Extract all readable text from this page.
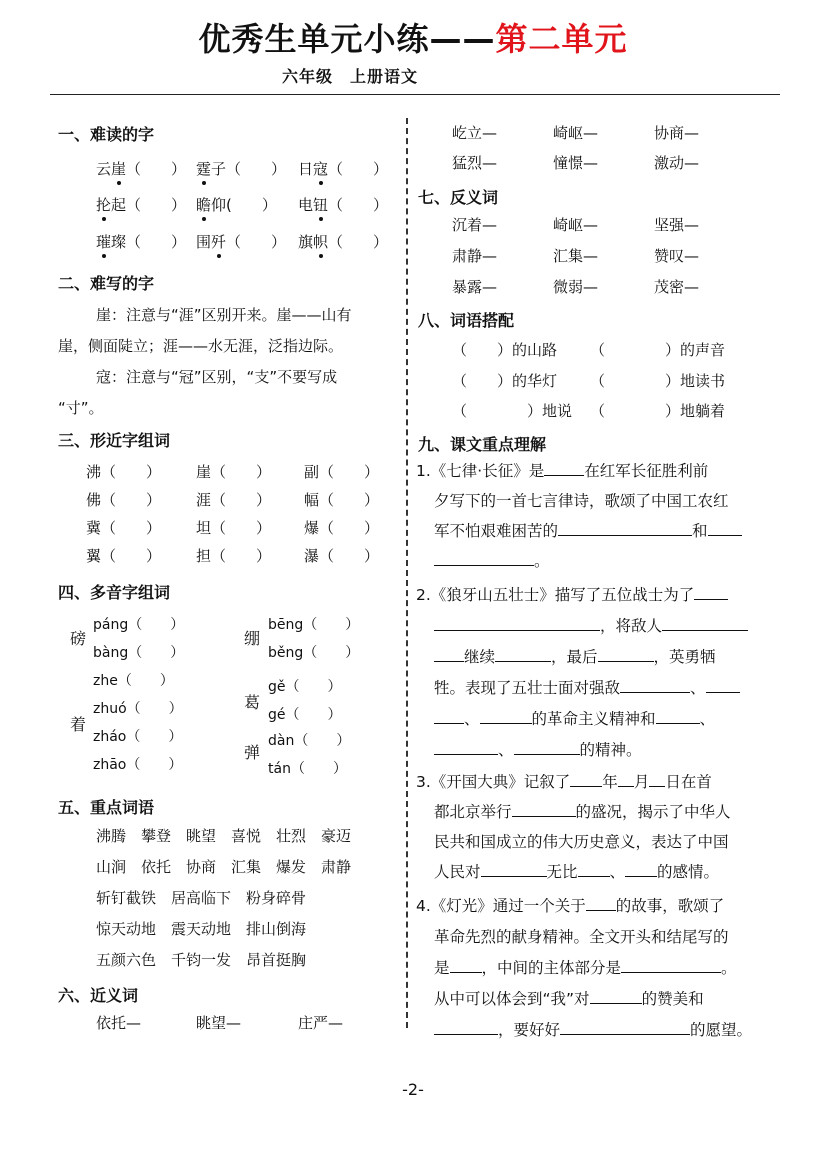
优秀生单元小练——第二单元
六年级　上册语文
一、难读的字
云崖（　　） 霆子（　　） 日寇（　　）
抡起（　　） 瞻仰(　　） 电钮（　　）
璀璨（　　） 围歼（　　） 旗帜（　　）
二、难写的字
崖：注意与“涯”区别开来。崖——山有
崖，侧面陡立；涯——水无涯，泛指边际。
寇：注意与“冠”区别，“支”不要写成
“寸”。
三、形近字组词
沸（　　） 崖（　　） 副（　　）
佛（　　） 涯（　　） 幅（　　）
冀（　　） 坦（　　） 爆（　　）
翼（　　） 担（　　） 瀑（　　）
四、多音字组词
磅
páng（　　）
bàng（　　）
着
zhe（　　）
zhuó（　　）
zháo（　　）
zhāo（　　）
绷
bēng（　　）
běng（　　）
葛
gě（　　）
gé（　　）
弹
dàn（　　）
tán（　　）
五、重点词语
沸腾　攀登　眺望　喜悦　壮烈　豪迈
山涧　依托　协商　汇集　爆发　肃静
斩钉截铁　居高临下　粉身碎骨
惊天动地　震天动地　排山倒海
五颜六色　千钧一发　昂首挺胸
六、近义词
依托—	眺望—	庄严—
屹立—	崎岖—	协商—
猛烈—	憧憬—	激动—
七、反义词
沉着—	崎岖—	坚强—
肃静—	汇集—	赞叹—
暴露—	微弱—	茂密—
八、词语搭配
（　　）的山路 （　　　　）的声音
（　　）的华灯 （　　　　）地读书
（　　　　）地说 （　　　　）地躺着
九、课文重点理解
1.《七律·长征》是	在红军长征胜利前
夕写下的一首七言律诗，歌颂了中国工农红
军不怕艰难困苦的	和
。
2.《狼牙山五壮士》描写了五位战士为了
，将敌人
继续	，最后	，英勇牺
牲。表现了五壮士面对强敌	、
、	的革命主义精神和	、
、	的精神。
3.《开国大典》记叙了 年 月 日在首
都北京举行	的盛况，揭示了中华人
民共和国成立的伟大历史意义，表达了中国
人民对	无比 、 的感情。
4.《灯光》通过一个关于 的故事，歌颂了
革命先烈的献身精神。全文开头和结尾写的
是 ，中间的主体部分是	。
从中可以体会到“我”对	的赞美和
，要好好	的愿望。
-2-
